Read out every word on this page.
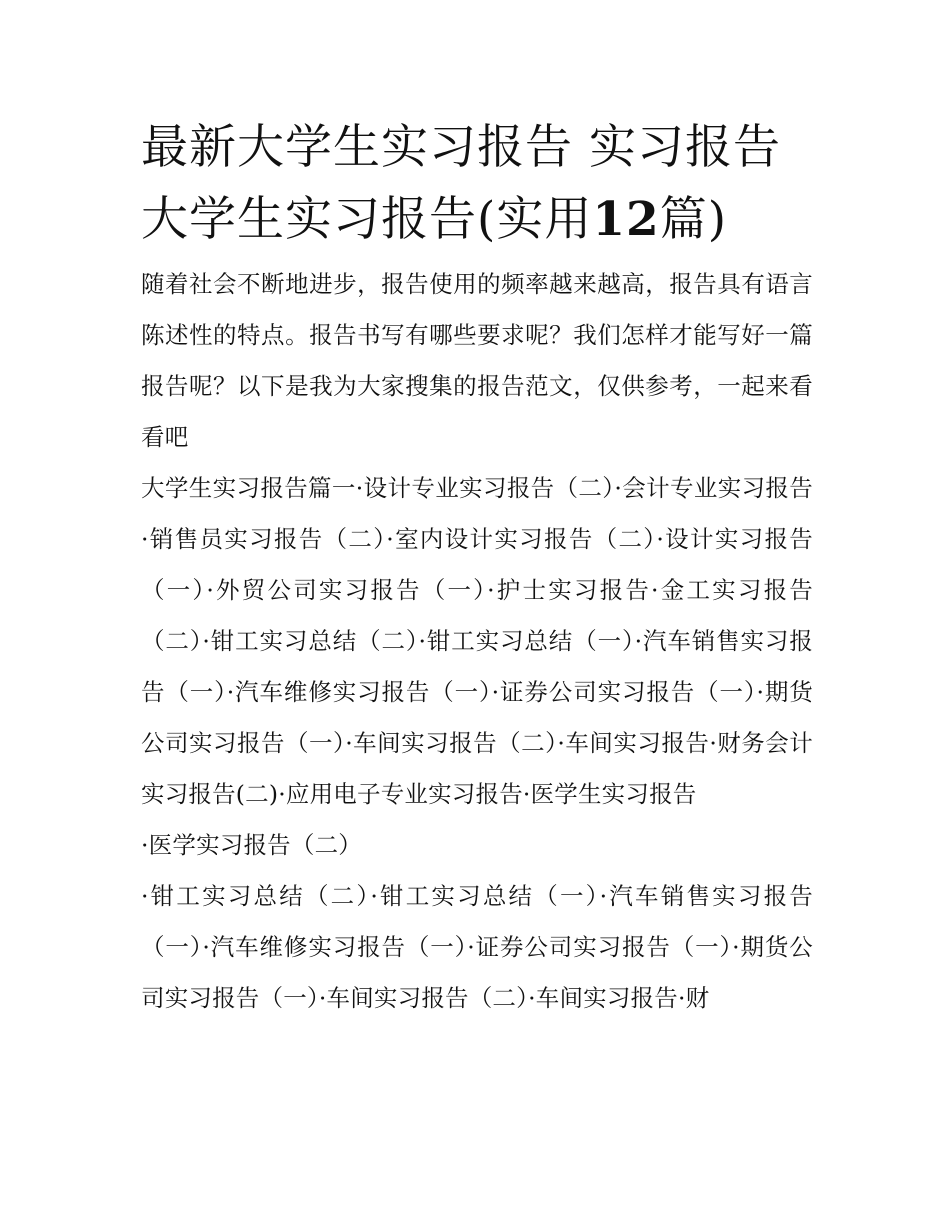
最新大学生实习报告 实习报告大学生实习报告(实用12篇)

随着社会不断地进步，报告使用的频率越来越高，报告具有语言陈述性的特点。报告书写有哪些要求呢？我们怎样才能写好一篇报告呢？以下是我为大家搜集的报告范文，仅供参考，一起来看看吧

大学生实习报告篇一·设计专业实习报告（二）·会计专业实习报告·销售员实习报告（二）·室内设计实习报告（二）·设计实习报告（一）·外贸公司实习报告（一）·护士实习报告·金工实习报告（二）·钳工实习总结（二）·钳工实习总结（一）·汽车销售实习报告（一）·汽车维修实习报告（一）·证券公司实习报告（一）·期货公司实习报告（一）·车间实习报告（二）·车间实习报告·财务会计实习报告(二)·应用电子专业实习报告·医学生实习报告

·医学实习报告（二）

·钳工实习总结（二）·钳工实习总结（一）·汽车销售实习报告（一）·汽车维修实习报告（一）·证券公司实习报告（一）·期货公司实习报告（一）·车间实习报告（二）·车间实习报告·财
